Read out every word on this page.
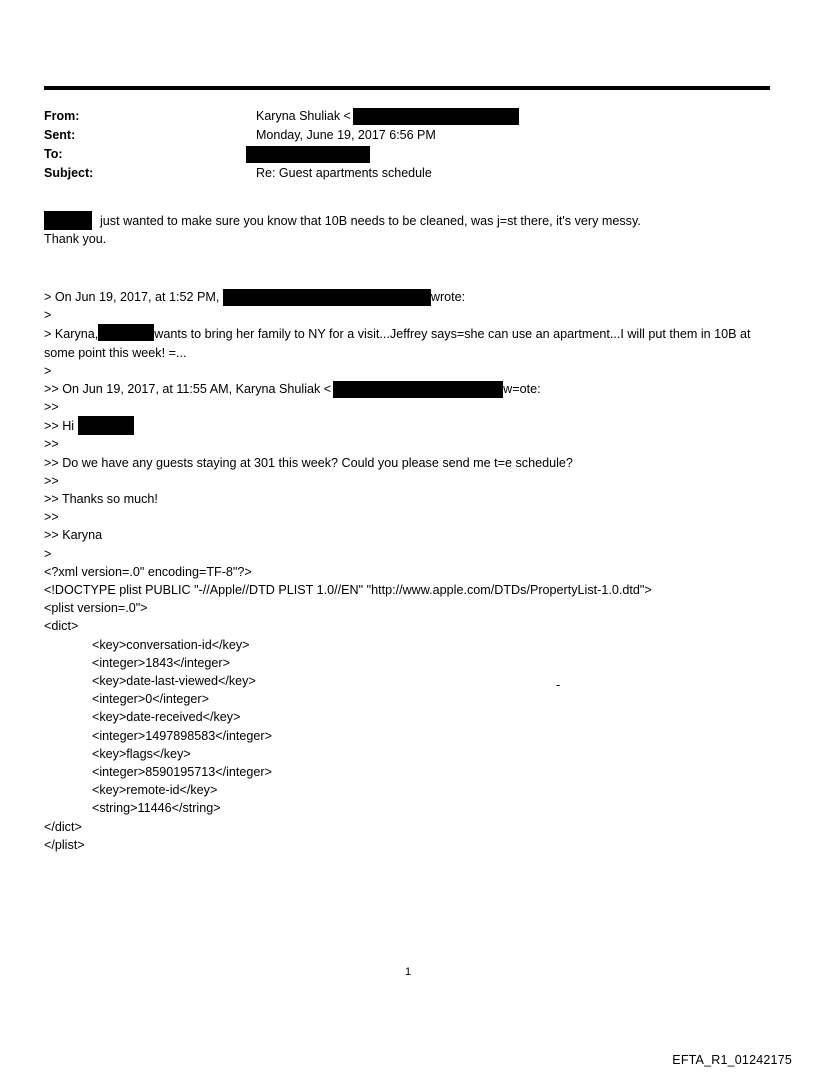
From:	Karyna Shuliak <
Sent:	Monday, June 19, 2017 6:56 PM
To:
Subject:	Re: Guest apartments schedule

just wanted to make sure you know that 10B needs to be cleaned, was j=st there, it's very messy.

Thank you.

> On Jun 19, 2017, at 1:52 PM,	wrote:

>

> Karyna,	wants to bring her family to NY for a visit...Jeffrey says=she can use an apartment...I will put them in 10B at some point this week! =...

>

>> On Jun 19, 2017, at 11:55 AM, Karyna Shuliak <	w=ote:

>>

>> Hi

>>

>> Do we have any guests staying at 301 this week? Could you please send me t=e schedule?

>>

>> Thanks so much!

>>

>> Karyna

>

<?xml version=.0" encoding=TF-8"?>

<!DOCTYPE plist PUBLIC "-//Apple//DTD PLIST 1.0//EN" "http://www.apple.com/DTDs/PropertyList-1.0.dtd">

<plist version=.0">

<dict>

<key>conversation-id</key>

<integer>1843</integer>

<key>date-last-viewed</key>

<integer>0</integer>

<key>date-received</key>

<integer>1497898583</integer>

<key>flags</key>

<integer>8590195713</integer>

<key>remote-id</key>

<string>11446</string>

</dict>

</plist>

-
1
EFTA_R1_01242175
